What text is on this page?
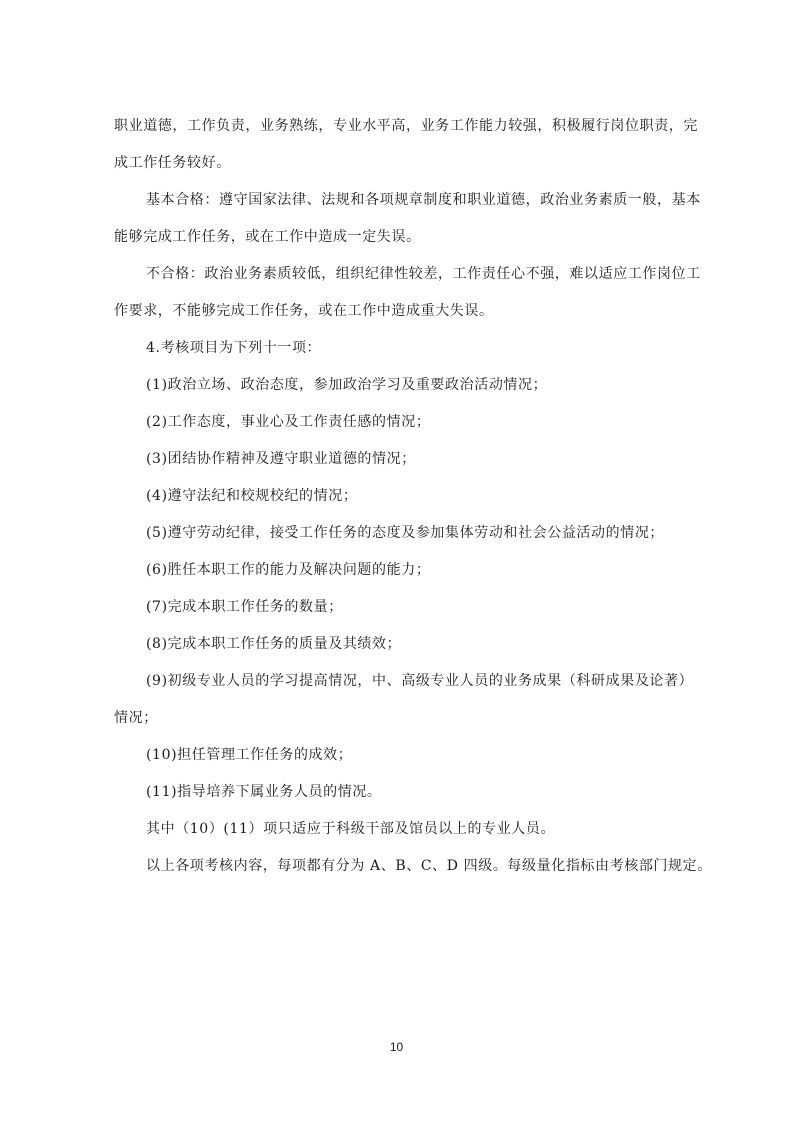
职业道德，工作负责，业务熟练，专业水平高，业务工作能力较强，积极履行岗位职责，完
成工作任务较好。
基本合格：遵守国家法律、法规和各项规章制度和职业道德，政治业务素质一般，基本
能够完成工作任务，或在工作中造成一定失误。
不合格：政治业务素质较低，组织纪律性较差，工作责任心不强，难以适应工作岗位工
作要求，不能够完成工作任务，或在工作中造成重大失误。
4.考核项目为下列十一项：
(1)政治立场、政治态度，参加政治学习及重要政治活动情况；
(2)工作态度，事业心及工作责任感的情况；
(3)团结协作精神及遵守职业道德的情况；
(4)遵守法纪和校规校纪的情况；
(5)遵守劳动纪律，接受工作任务的态度及参加集体劳动和社会公益活动的情况；
(6)胜任本职工作的能力及解决问题的能力；
(7)完成本职工作任务的数量；
(8)完成本职工作任务的质量及其绩效；
(9)初级专业人员的学习提高情况，中、高级专业人员的业务成果（科研成果及论著）
情况；
(10)担任管理工作任务的成效；
(11)指导培养下属业务人员的情况。
其中（10）(11）项只适应于科级干部及馆员以上的专业人员。
以上各项考核内容，每项都有分为 A、B、C、D 四级。每级量化指标由考核部门规定。
10
